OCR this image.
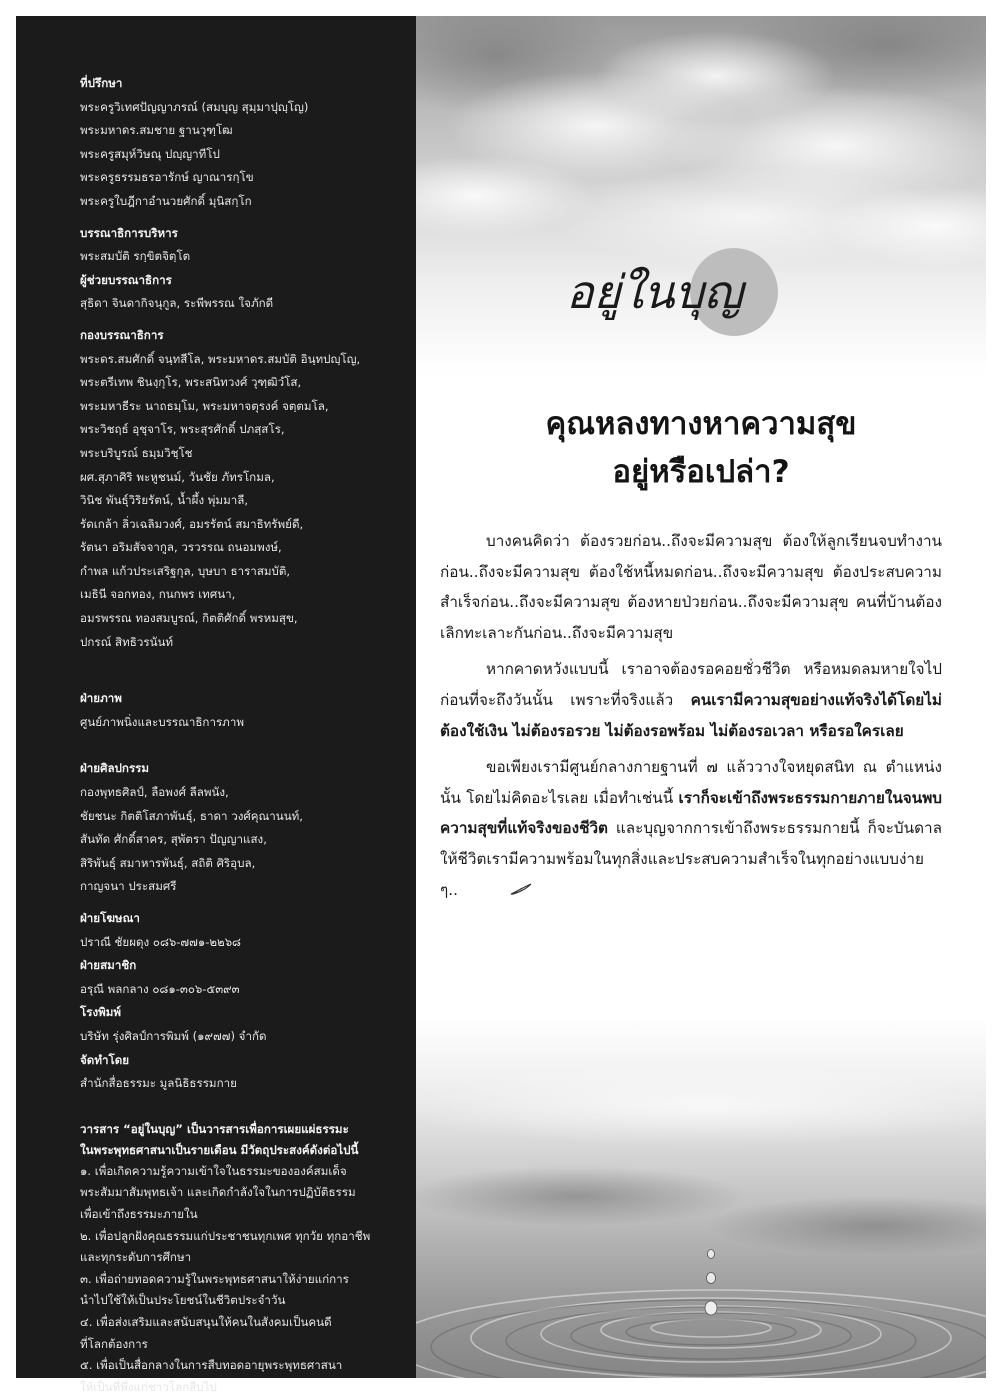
ที่ปรึกษา
พระครูวิเทศปัญญาภรณ์ (สมบุญ สุมฺมาปุญฺโญ)
พระมหาดร.สมชาย ฐานวุฑฺโฒ
พระครูสมุห์วิษณุ ปญฺญาทีโป
พระครูธรรมธรอารักษ์ ญาณารกฺโข
พระครูใบฎีกาอำนวยศักดิ์ มุนิสกฺโก
บรรณาธิการบริหาร
พระสมบัติ รกฺขิตจิตฺโต
ผู้ช่วยบรรณาธิการ
สุธิดา จินดากิจนุกูล, ระพีพรรณ ใจภักดี
กองบรรณาธิการ
พระดร.สมศักดิ์ จนฺทสีโล, พระมหาดร.สมบัติ อินฺทปญฺโญ,
พระตรีเทพ ชินงฺกุโร, พระสนิทวงศ์ วุฑฺฒิวํโส,
พระมหาธีระ นาถธมฺโม, พระมหาจตุรงค์ จตฺตมโล,
พระวิชฤธ์ อุชุจาโร, พระสุรศักดิ์ ปภสฺสโร,
พระบริบูรณ์ ธมฺมวิชฺโช
ผศ.สุภาศิริ พะหูชนม์, วันชัย ภัทรโกมล,
วินิช พันธุ์วิริยรัตน์, น้ำผึ้ง พุ่มมาลี,
รัดเกล้า ลิ่วเฉลิมวงศ์, อมรรัตน์ สมาธิทรัพย์ดี,
รัตนา อริมสัจจากูล, วรวรรณ ถนอมพงษ์,
กำพล แก้วประเสริฐกุล, บุษบา ธาราสมบัติ,
เมธินี จอกทอง, กนกพร เทศนา,
อมรพรรณ ทองสมบูรณ์, กิตติศักดิ์ พรหมสุข,
ปกรณ์ สิทธิวรนันท์
ฝ่ายภาพ
ศูนย์ภาพนิ่งและบรรณาธิการภาพ
ฝ่ายศิลปกรรม
กองพุทธศิลป์, ลือพงศ์ ลีลพนัง,
ชัยชนะ กิตติโสภาพันธุ์, ธาดา วงศ์คุณานนท์,
สันทัด ศักดิ์สาคร, สุพัตรา ปัญญาแสง,
สิริพันธุ์ สมาหารพันธุ์, สถิติ ศิริอุบล,
กาญจนา ประสมศรี
ฝ่ายโฆษณา
ปราณี ชัยผดุง ๐๘๖-๗๗๑-๒๒๖๘
ฝ่ายสมาชิก
อรุณี พลกลาง ๐๘๑-๓๐๖-๕๓๙๓
โรงพิมพ์
บริษัท รุ่งศิลป์การพิมพ์ (๑๙๗๗) จำกัด
จัดทำโดย
สำนักสื่อธรรมะ มูลนิธิธรรมกาย
วารสาร “อยู่ในบุญ” เป็นวารสารเพื่อการเผยแผ่ธรรมะ
ในพระพุทธศาสนาเป็นรายเดือน มีวัตถุประสงค์ดังต่อไปนี้
๑. เพื่อเกิดความรู้ความเข้าใจในธรรมะขององค์สมเด็จ
พระสัมมาสัมพุทธเจ้า และเกิดกำลังใจในการปฏิบัติธรรม
เพื่อเข้าถึงธรรมะภายใน
๒. เพื่อปลูกฝังคุณธรรมแก่ประชาชนทุกเพศ ทุกวัย ทุกอาชีพ
และทุกระดับการศึกษา
๓. เพื่อถ่ายทอดความรู้ในพระพุทธศาสนาให้ง่ายแก่การ
นำไปใช้ให้เป็นประโยชน์ในชีวิตประจำวัน
๔. เพื่อส่งเสริมและสนับสนุนให้คนในสังคมเป็นคนดี
ที่โลกต้องการ
๕. เพื่อเป็นสื่อกลางในการสืบทอดอายุพระพุทธศาสนา
ให้เป็นที่พึ่งแก่ชาวโลกสืบไป
อยู่ในบุญ
คุณหลงทางหาความสุข
อยู่หรือเปล่า?

บางคนคิดว่า ต้องรวยก่อน..ถึงจะมีความสุข ต้องให้ลูกเรียนจบทำงานก่อน..ถึงจะมีความสุข ต้องใช้หนี้หมดก่อน..ถึงจะมีความสุข ต้องประสบความสำเร็จก่อน..ถึงจะมีความสุข ต้องหายป่วยก่อน..ถึงจะมีความสุข คนที่บ้านต้องเลิกทะเลาะกันก่อน..ถึงจะมีความสุข

หากคาดหวังแบบนี้ เราอาจต้องรอคอยชั่วชีวิต หรือหมดลมหายใจไปก่อนที่จะถึงวันนั้น เพราะที่จริงแล้ว คนเรามีความสุขอย่างแท้จริงได้โดยไม่ต้องใช้เงิน ไม่ต้องรอรวย ไม่ต้องรอพร้อม ไม่ต้องรอเวลา หรือรอใครเลย

ขอเพียงเรามีศูนย์กลางกายฐานที่ ๗ แล้ววางใจหยุดสนิท ณ ตำแหน่งนั้น โดยไม่คิดอะไรเลย เมื่อทำเช่นนี้ เราก็จะเข้าถึงพระธรรมกายภายในจนพบความสุขที่แท้จริงของชีวิต และบุญจากการเข้าถึงพระธรรมกายนี้ ก็จะบันดาลให้ชีวิตเรามีความพร้อมในทุกสิ่งและประสบความสำเร็จในทุกอย่างแบบง่าย ๆ..
